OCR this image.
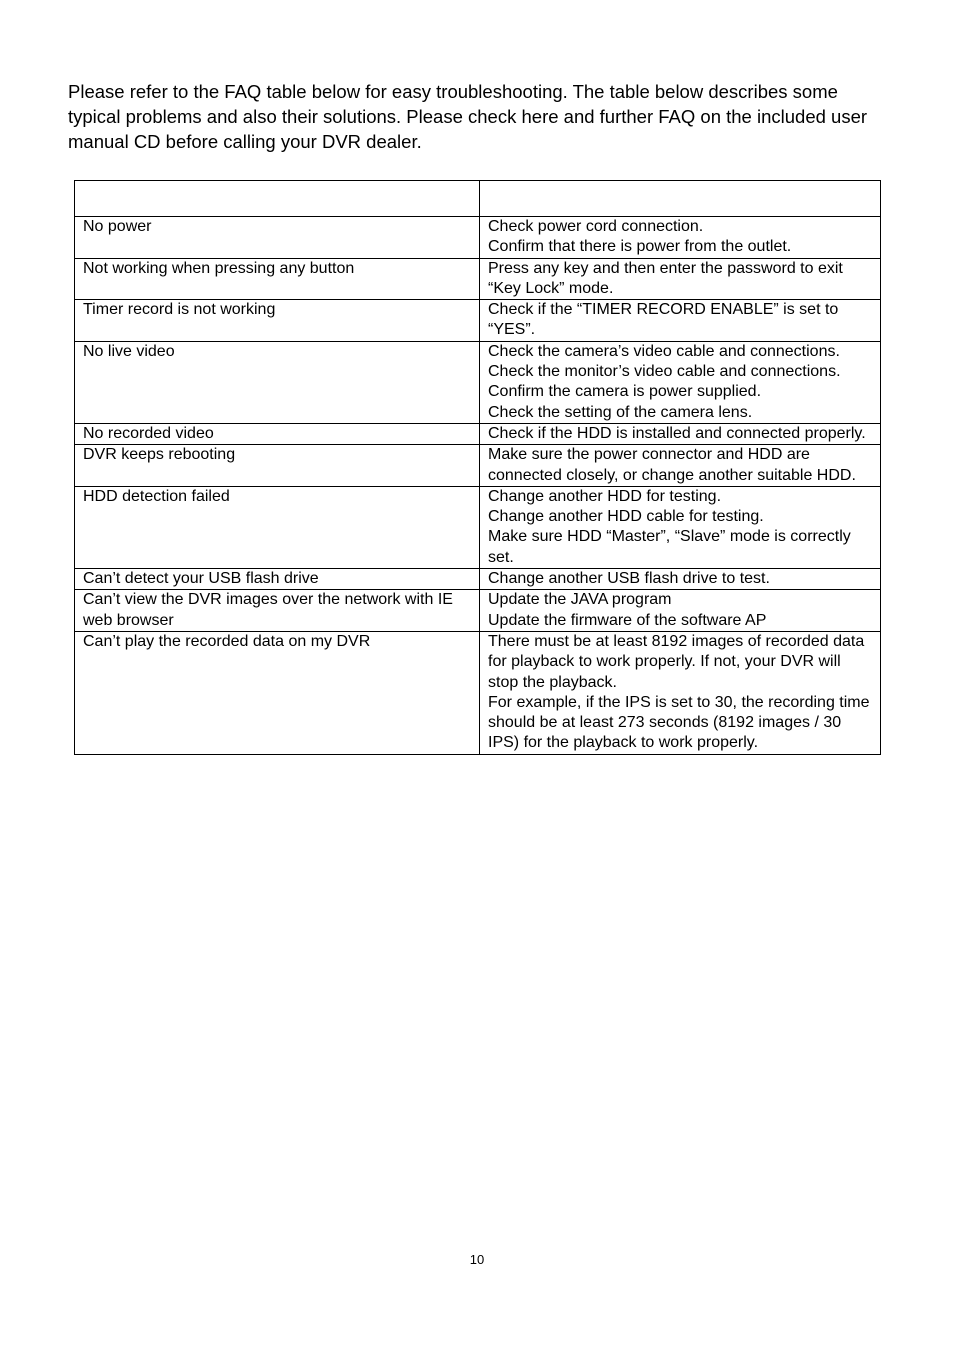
Please refer to the FAQ table below for easy troubleshooting. The table below describes some typical problems and also their solutions. Please check here and further FAQ on the included user manual CD before calling your DVR dealer.

No power	Check power cord connection.
Confirm that there is power from the outlet.

Not working when pressing any button	Press any key and then enter the password to exit “Key Lock” mode.

Timer record is not working	Check if the “TIMER RECORD ENABLE” is set to “YES”.

No live video	Check the camera’s video cable and connections.
Check the monitor’s video cable and connections.
Confirm the camera is power supplied.
Check the setting of the camera lens.

No recorded video	Check if the HDD is installed and connected properly.

DVR keeps rebooting	Make sure the power connector and HDD are connected closely, or change another suitable HDD.

HDD detection failed	Change another HDD for testing.
Change another HDD cable for testing.
Make sure HDD “Master”, “Slave” mode is correctly set.

Can’t detect your USB flash drive	Change another USB flash drive to test.

Can’t view the DVR images over the network with IE web browser	Update the JAVA program
Update the firmware of the software AP

Can’t play the recorded data on my DVR	There must be at least 8192 images of recorded data for playback to work properly. If not, your DVR will stop the playback.
For example, if the IPS is set to 30, the recording time should be at least 273 seconds (8192 images / 30 IPS) for the playback to work properly.
10
